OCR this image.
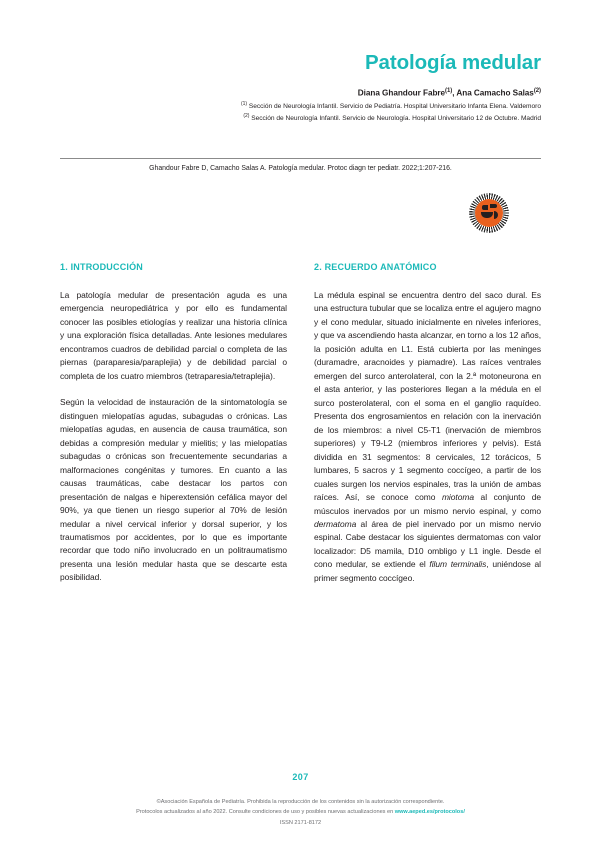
Patología medular
Diana Ghandour Fabre$^{(1)}$, Ana Camacho Salas$^{(2)}$
$^{(1)}$ Sección de Neurología Infantil. Servicio de Pediatría. Hospital Universitario Infanta Elena. Valdemoro
$^{(2)}$ Sección de Neurología Infantil. Servicio de Neurología. Hospital Universitario 12 de Octubre. Madrid
Ghandour Fabre D, Camacho Salas A. Patología medular. Protoc diagn ter pediatr. 2022;1:207-216.
1. INTRODUCCIÓN

La patología medular de presentación aguda es una emergencia neuropediátrica y por ello es fundamental conocer las posibles etiologías y realizar una historia clínica y una exploración física detalladas. Ante lesiones medulares encontramos cuadros de debilidad parcial o completa de las piernas (paraparesia/paraplejia) y de debilidad parcial o completa de los cuatro miembros (tetraparesia/tetraplejia).

Según la velocidad de instauración de la sintomatología se distinguen mielopatías agudas, subagudas o crónicas. Las mielopatías agudas, en ausencia de causa traumática, son debidas a compresión medular y mielitis; y las mielopatías subagudas o crónicas son frecuentemente secundarias a malformaciones congénitas y tumores. En cuanto a las causas traumáticas, cabe destacar los partos con presentación de nalgas e hiperextensión cefálica mayor del 90%, ya que tienen un riesgo superior al 70% de lesión medular a nivel cervical inferior y dorsal superior, y los traumatismos por accidentes, por lo que es importante recordar que todo niño involucrado en un politraumatismo presenta una lesión medular hasta que se descarte esta posibilidad.

2. RECUERDO ANATÓMICO

La médula espinal se encuentra dentro del saco dural. Es una estructura tubular que se localiza entre el agujero magno y el cono medular, situado inicialmente en niveles inferiores, y que va ascendiendo hasta alcanzar, en torno a los 12 años, la posición adulta en L1. Está cubierta por las meninges (duramadre, aracnoides y piamadre). Las raíces ventrales emergen del surco anterolateral, con la 2.ª motoneurona en el asta anterior, y las posteriores llegan a la médula en el surco posterolateral, con el soma en el ganglio raquídeo. Presenta dos engrosamientos en relación con la inervación de los miembros: a nivel C5-T1 (inervación de miembros superiores) y T9-L2 (miembros inferiores y pelvis). Está dividida en 31 segmentos: 8 cervicales, 12 torácicos, 5 lumbares, 5 sacros y 1 segmento coccígeo, a partir de los cuales surgen los nervios espinales, tras la unión de ambas raíces. Así, se conoce como miotoma al conjunto de músculos inervados por un mismo nervio espinal, y como dermatoma al área de piel inervado por un mismo nervio espinal. Cabe destacar los siguientes dermatomas con valor localizador: D5 mamila, D10 ombligo y L1 ingle. Desde el cono medular, se extiende el filum terminalis, uniéndose al primer segmento coccígeo.

207
©Asociación Española de Pediatría. Prohibida la reproducción de los contenidos sin la autorización correspondiente.
Protocolos actualizados al año 2022. Consulte condiciones de uso y posibles nuevas actualizaciones en www.aeped.es/protocolos/
ISSN 2171-8172
